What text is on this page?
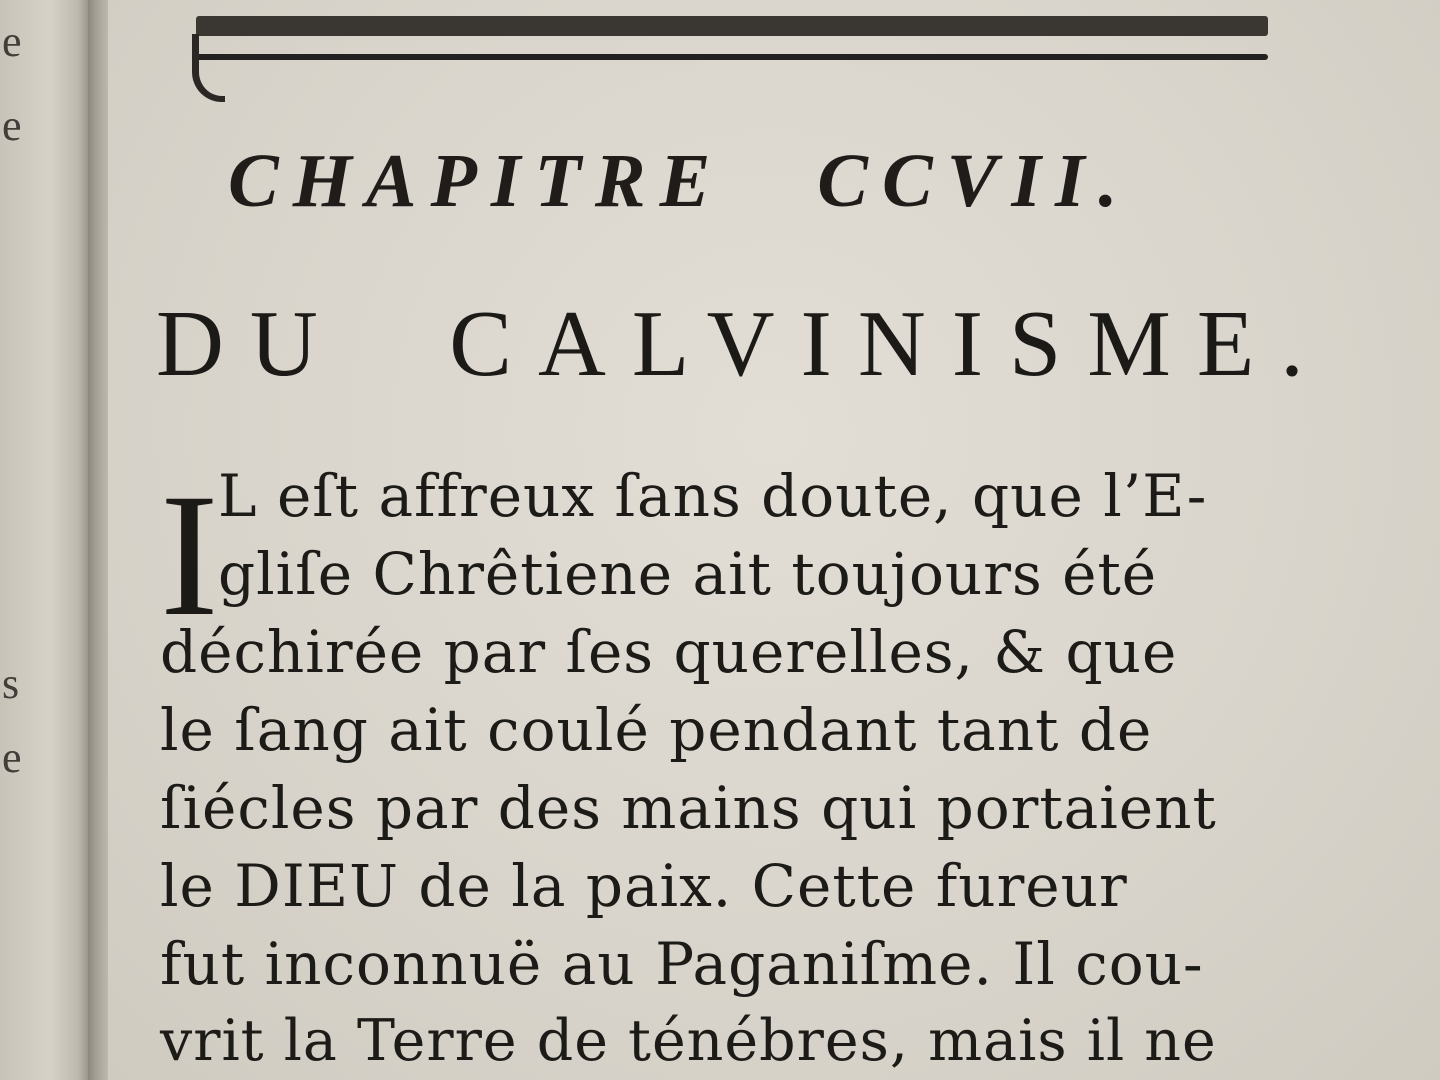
e
e
s
e
CHAPITRE CCVII.
DU CALVINISME.
I L eſt affreux ſans doute, que l’E-
gliſe Chrêtiene ait toujours été
déchirée par ſes querelles, & que
le ſang ait coulé pendant tant de
ſiécles par des mains qui portaient
le DIEU de la paix. Cette fureur
fut inconnuë au Paganiſme. Il cou-
vrit la Terre de ténébres, mais il ne
